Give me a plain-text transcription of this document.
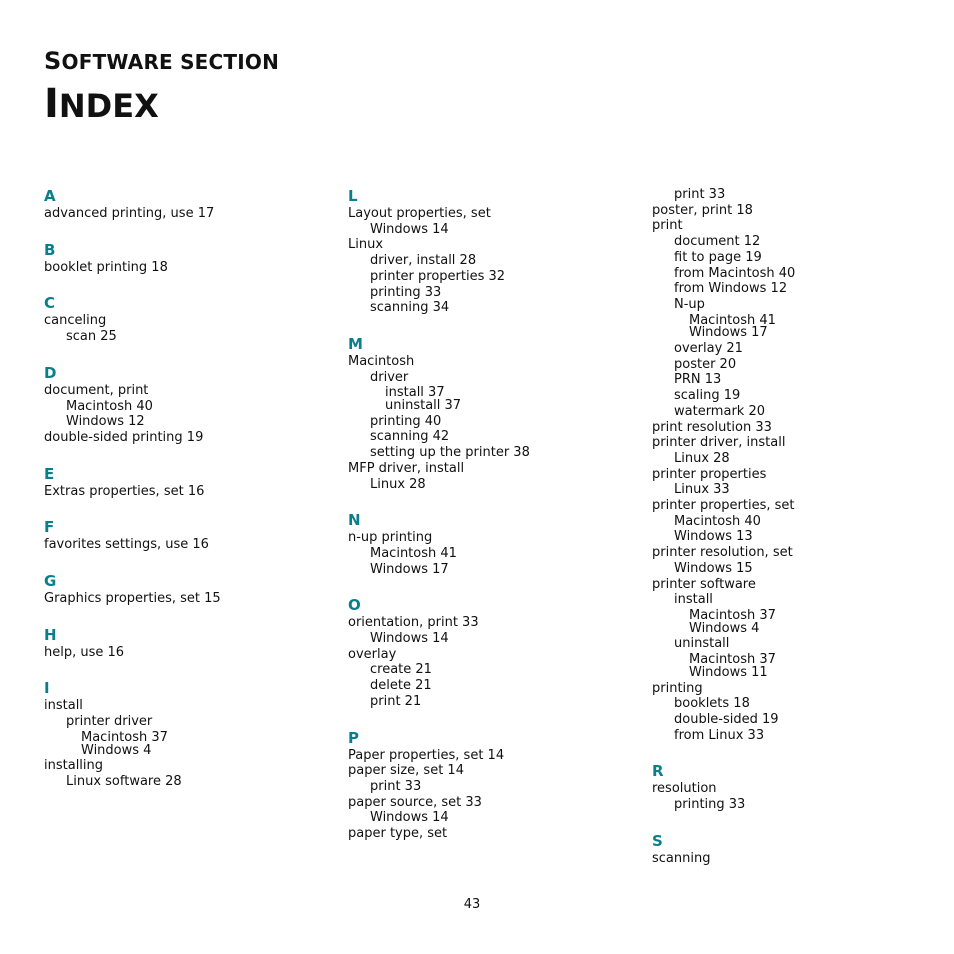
SOFTWARE SECTION
INDEX
A
advanced printing, use 17
B
booklet printing 18
C
canceling
scan 25
D
document, print
Macintosh 40
Windows 12
double-sided printing 19
E
Extras properties, set 16
F
favorites settings, use 16
G
Graphics properties, set 15
H
help, use 16
I
install
printer driver
Macintosh 37
Windows 4
installing
Linux software 28
L
Layout properties, set
Windows 14
Linux
driver, install 28
printer properties 32
printing 33
scanning 34
M
Macintosh
driver
install 37
uninstall 37
printing 40
scanning 42
setting up the printer 38
MFP driver, install
Linux 28
N
n-up printing
Macintosh 41
Windows 17
O
orientation, print 33
Windows 14
overlay
create 21
delete 21
print 21
P
Paper properties, set 14
paper size, set 14
print 33
paper source, set 33
Windows 14
paper type, set
print 33
poster, print 18
print
document 12
fit to page 19
from Macintosh 40
from Windows 12
N-up
Macintosh 41
Windows 17
overlay 21
poster 20
PRN 13
scaling 19
watermark 20
print resolution 33
printer driver, install
Linux 28
printer properties
Linux 33
printer properties, set
Macintosh 40
Windows 13
printer resolution, set
Windows 15
printer software
install
Macintosh 37
Windows 4
uninstall
Macintosh 37
Windows 11
printing
booklets 18
double-sided 19
from Linux 33
R
resolution
printing 33
S
scanning
43
